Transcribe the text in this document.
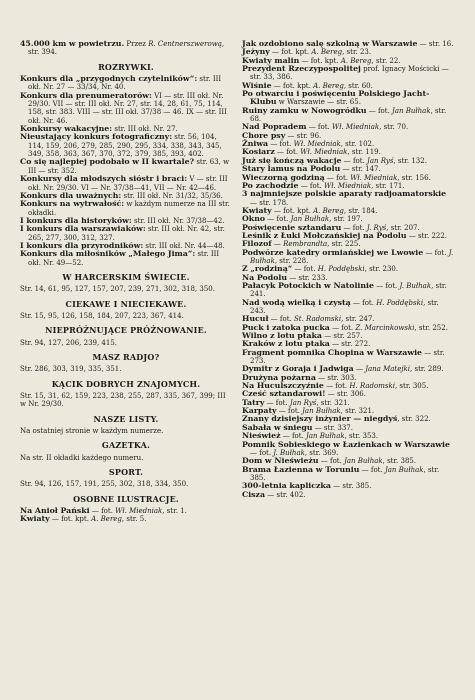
45.000 km w powietrzu. Przez R. Centnerszwerową, str. 394.

ROZRYWKI.

Konkurs dla „przygodnych czytelników“: str. III okł. Nr. 27 — 33/34, Nr. 40.

Konkurs dla prenumeratorów: VI — str. III okł. Nr. 29/30. VII — str. III okł. Nr. 27, str. 14, 28, 61, 75, 114, 158, str. 383. VIII — str. III okł. 37/38 — 46. IX — str. III okł. Nr. 46.

Konkursy wakacyjne: str. III okł. Nr. 27.

Nieustający konkurs fotograficzny: str. 56, 104, 114, 159, 206, 279, 285, 290, 295, 334, 338, 343, 345, 349, 358, 363, 367, 370, 372, 379, 385, 393, 402.

Co się najlepiej podobało w II kwartale? str. 63, w III — str. 352.

Konkursy dla młodszych sióstr i braci: V — str. III okł. Nr. 29/30. VI — Nr. 37/38—41, VII — Nr. 42—46.

Konkurs dla uważnych: str. III okł. Nr. 31/32, 35/36.

Konkurs na wytrwałość: w każdym numerze na III str. okładki.

I konkurs dla historyków: str. III okł. Nr. 37/38—42.

I konkurs dla warszawiaków: str. III okł. Nr. 42, str. 265, 277, 300, 312, 327.

I konkurs dla przyrodników: str. III okł. Nr. 44—48.

Konkurs dla miłośników „Małego Jima“: str. III okł. Nr. 49—52.

W HARCERSKIM ŚWIECIE.

Str. 14, 61, 95, 127, 157, 207, 239, 271, 302, 318, 350.

CIEKAWE I NIECIEKAWE.

Str. 15, 95, 126, 158, 184, 207, 223, 367, 414.

NIEPRÓŻNUJĄCE PRÓŻNOWANIE.

Str. 94, 127, 206, 239, 415.

MASZ RADJO?

Str. 286, 303, 319, 335, 351.

KĄCIK DOBRYCH ZNAJOMYCH.

Str. 15, 31, 62, 159, 223, 238, 255, 287, 335, 367, 399; III w Nr. 29/30.

NASZE LISTY.

Na ostatniej stronie w każdym numerze.

GAZETKA.

Na str. II okładki każdego numeru.

SPORT.

Str. 94, 126, 157, 191, 255, 302, 318, 334, 350.

OSOBNE ILUSTRACJE.

Na Anioł Pański — fot. Wł. Miedniak, str. 1.

Kwiaty — fot. kpt. A. Bereg, str. 5.

Jak ozdobiono salę szkolną w Warszawie — str. 16.

Jeżyny — fot. kpt. A. Bereg, str. 23.

Kwiaty malin — fot. kpt. A. Bereg, str. 22.

Prezydent Rzeczypospolitej prof. Ignacy Mościcki — str. 33, 386.

Wiśnie — fot. kpt. A. Bereg, str. 60.

Po otwarciu i poświęceniu Polskiego Jacht-Klubu w Warszawie — str. 65.

Ruiny zamku w Nowogródku — fot. Jan Bułhak, str. 68.

Nad Popradem — fot. Wł. Miedniak, str. 70.

Chore psy — str. 96.

Żniwa — fot. Wł. Miedniak, str. 102.

Kosiarz — fot. Wł. Miedniak, str. 119.

Już się kończą wakacje — fot. Jan Ryś, str. 132.

Stary lamus na Podolu — str. 147.

Wieczorną godziną — fot. Wł. Miedniak, str. 156.

Po zachodzie — fot. Wł. Miedniak, str. 171.

3 najmniejsze polskie aparaty radjoamatorskie — str. 178.

Kwiaty — fot. kpt. A. Bereg, str. 184.

Okno — fot. Jan Bułhak, str. 197.

Poświęcenie sztandaru — fot. J. Ryś, str. 207.

Leśnik z Łuki Mołczańskiej na Podolu — str. 222.

Filozof — Rembrandta, str. 225.

Podwórze katedry ormiańskiej we Lwowie — fot. J. Bułhak, str. 228.

Z „rodziną“ — fot. H. Poddębski, str. 230.

Na Podolu — str. 233.

Pałacyk Potockich w Natolinie — fot. J. Bułhak, str. 241.

Nad wodą wielką i czystą — fot. H. Poddębski, str. 243.

Hucuł — fot. St. Radomski, str. 247.

Puck i zatoka pucka — fot. Z. Marcinkowski, str. 252.

Wilno z lotu ptaka — str. 257.

Kraków z lotu ptaka — str. 272.

Fragment pomnika Chopina w Warszawie — str. 273.

Dymitr z Goraja i Jadwiga — Jana Matejki, str. 289.

Drużyna pożarna — str. 303.

Na Huculszczyźnie — fot. H. Radomski, str. 305.

Cześć sztandarowi! — str. 306.

Tatry — fot. Jan Ryś, str. 321.

Karpaty — fot. Jan Bułhak, str. 321.

Znany dzisiejszy inżynier — niegdyś, str. 322.

Sabała w śniegu — str. 337.

Nieśwież — fot. Jan Bułhak, str. 353.

Pomnik Sobieskiego w Łazienkach w Warszawie — fot. J. Bułhak, str. 369.

Dom w Nieświeżu — fot. Jan Bułhak, str. 385.

Brama Łazienna w Toruniu — fot. Jan Bułhak, str. 385.

300-letnia kapliczka — str. 385.

Cisza — str. 402.
